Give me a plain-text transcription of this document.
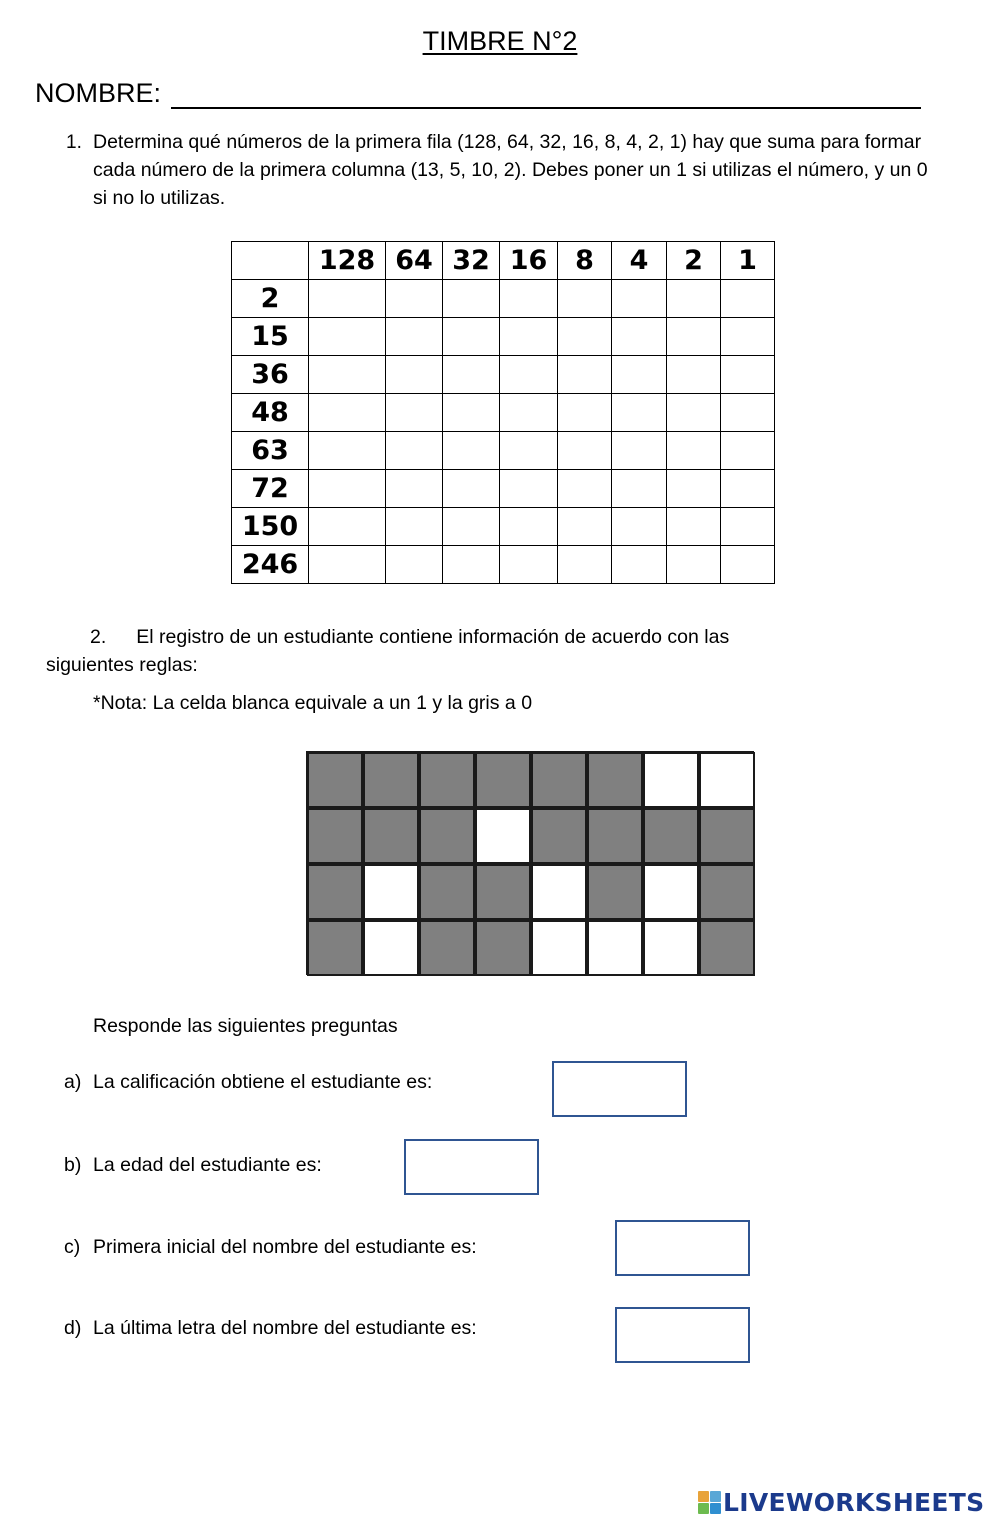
TIMBRE N°2
NOMBRE:
1. Determina qué números de la primera fila (128, 64, 32, 16, 8, 4, 2, 1) hay que suma para formar cada número de la primera columna (13, 5, 10, 2). Debes poner un 1 si utilizas el número, y un 0 si no lo utilizas.
	128	64	32	16	8	4	2	1
2								
15								
36								
48								
63								
72								
150								
246								
2. El registro de un estudiante contiene información de acuerdo con las
siguientes reglas:
*Nota: La celda blanca equivale a un 1 y la gris a 0
Responde las siguientes preguntas
a) La calificación obtiene el estudiante es:
b) La edad del estudiante es:
c) Primera inicial del nombre del estudiante es:
d) La última letra del nombre del estudiante es:
LIVEWORKSHEETS
